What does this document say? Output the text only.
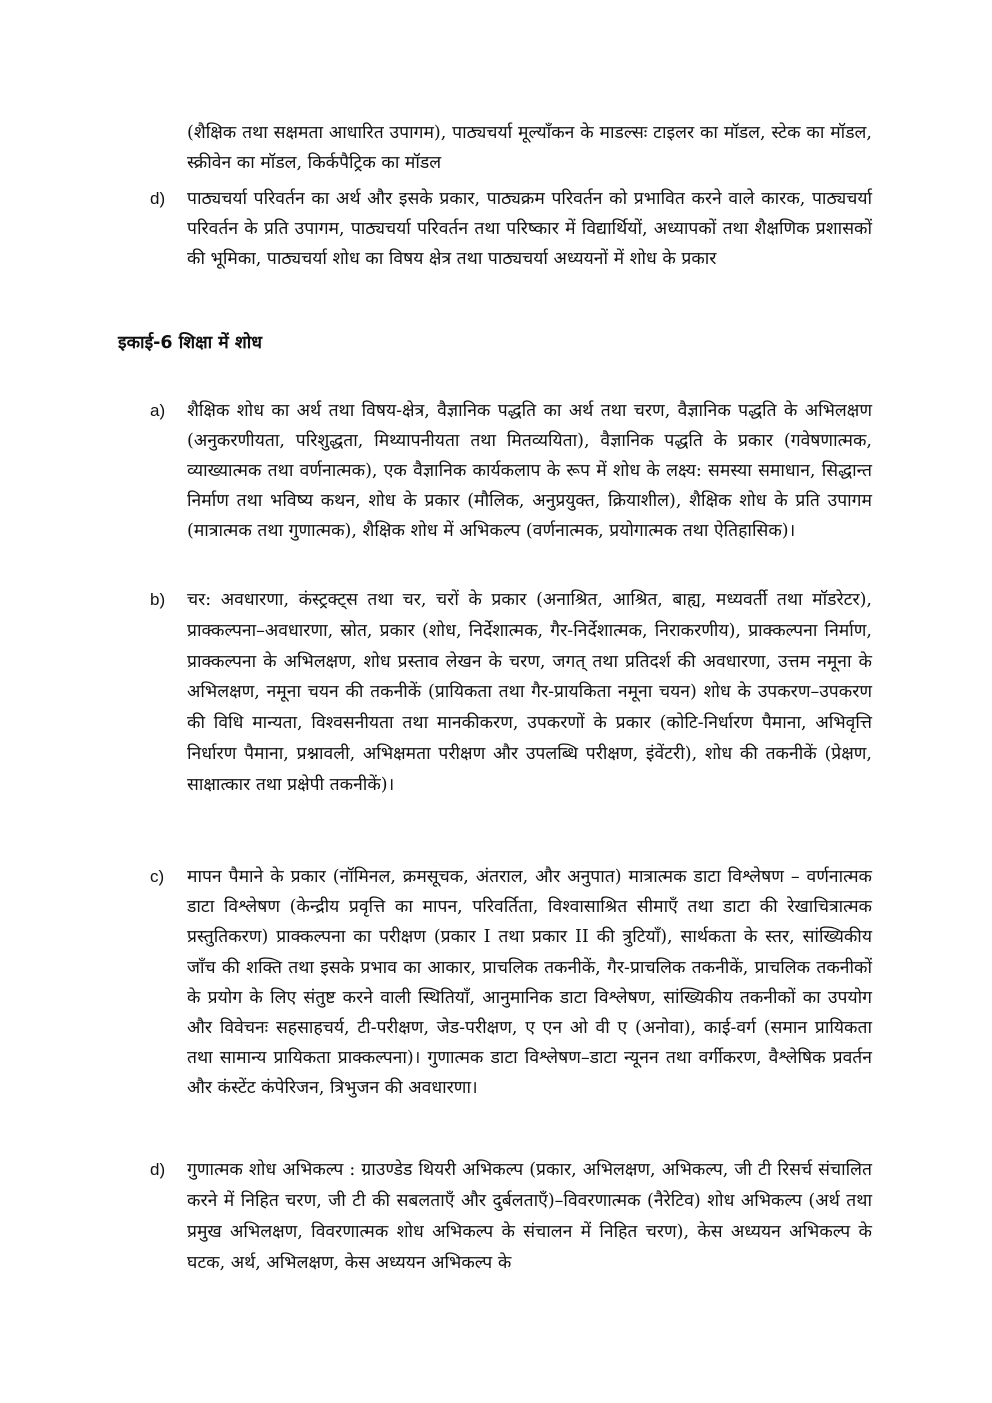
(शैक्षिक तथा सक्षमता आधारित उपागम), पाठ्यचर्या मूल्याँकन के माडल्सः टाइलर का मॉडल, स्टेक का मॉडल, स्क्रीवेन का मॉडल, किर्कपैट्रिक का मॉडल

d)	पाठ्यचर्या परिवर्तन का अर्थ और इसके प्रकार, पाठ्यक्रम परिवर्तन को प्रभावित करने वाले कारक, पाठ्यचर्या परिवर्तन के प्रति उपागम, पाठ्यचर्या परिवर्तन तथा परिष्कार में विद्यार्थियों, अध्यापकों तथा शैक्षणिक प्रशासकों की भूमिका, पाठ्यचर्या शोध का विषय क्षेत्र तथा पाठ्यचर्या अध्ययनों में शोध के प्रकार

इकाई-6 शिक्षा में शोध
a)	शैक्षिक शोध का अर्थ तथा विषय-क्षेत्र, वैज्ञानिक पद्धति का अर्थ तथा चरण, वैज्ञानिक पद्धति के अभिलक्षण (अनुकरणीयता, परिशुद्धता, मिथ्यापनीयता तथा मितव्ययिता), वैज्ञानिक पद्धति के प्रकार (गवेषणात्मक, व्याख्यात्मक तथा वर्णनात्मक), एक वैज्ञानिक कार्यकलाप के रूप में शोध के लक्ष्य: समस्या समाधान, सिद्धान्त निर्माण तथा भविष्य कथन, शोध के प्रकार (मौलिक, अनुप्रयुक्त, क्रियाशील), शैक्षिक शोध के प्रति उपागम (मात्रात्मक तथा गुणात्मक), शैक्षिक शोध में अभिकल्प (वर्णनात्मक, प्रयोगात्मक तथा ऐतिहासिक)।

b)	चर: अवधारणा, कंस्ट्रक्ट्स तथा चर, चरों के प्रकार (अनाश्रित, आश्रित, बाह्य, मध्यवर्ती तथा मॉडरेटर), प्राक्कल्पना–अवधारणा, स्रोत, प्रकार (शोध, निर्देशात्मक, गैर-निर्देशात्मक, निराकरणीय), प्राक्कल्पना निर्माण, प्राक्कल्पना के अभिलक्षण, शोध प्रस्ताव लेखन के चरण, जगत् तथा प्रतिदर्श की अवधारणा, उत्तम नमूना के अभिलक्षण, नमूना चयन की तकनीकें (प्रायिकता तथा गैर-प्रायकिता नमूना चयन) शोध के उपकरण–उपकरण की विधि मान्यता, विश्वसनीयता तथा मानकीकरण, उपकरणों के प्रकार (कोटि-निर्धारण पैमाना, अभिवृत्ति निर्धारण पैमाना, प्रश्नावली, अभिक्षमता परीक्षण और उपलब्धि परीक्षण, इंवेंटरी), शोध की तकनीकें (प्रेक्षण, साक्षात्कार तथा प्रक्षेपी तकनीकें)।

c)	मापन पैमाने के प्रकार (नॉमिनल, क्रमसूचक, अंतराल, और अनुपात) मात्रात्मक डाटा विश्लेषण – वर्णनात्मक डाटा विश्लेषण (केन्द्रीय प्रवृत्ति का मापन, परिवर्तिता, विश्वासाश्रित सीमाएँ तथा डाटा की रेखाचित्रात्मक प्रस्तुतिकरण) प्राक्कल्पना का परीक्षण (प्रकार I तथा प्रकार II की त्रुटियाँ), सार्थकता के स्तर, सांख्यिकीय जाँच की शक्ति तथा इसके प्रभाव का आकार, प्राचलिक तकनीकें, गैर-प्राचलिक तकनीकें, प्राचलिक तकनीकों के प्रयोग के लिए संतुष्ट करने वाली स्थितियाँ, आनुमानिक डाटा विश्लेषण, सांख्यिकीय तकनीकों का उपयोग और विवेचनः सहसाहचर्य, टी-परीक्षण, जेड-परीक्षण, ए एन ओ वी ए (अनोवा), काई-वर्ग (समान प्रायिकता तथा सामान्य प्रायिकता प्राक्कल्पना)। गुणात्मक डाटा विश्लेषण–डाटा न्यूनन तथा वर्गीकरण, वैश्लेषिक प्रवर्तन और कंस्टेंट कंपेरिजन, त्रिभुजन की अवधारणा।

d)	गुणात्मक शोध अभिकल्प : ग्राउण्डेड थियरी अभिकल्प (प्रकार, अभिलक्षण, अभिकल्प, जी टी रिसर्च संचालित करने में निहित चरण, जी टी की सबलताएँ और दुर्बलताएँ)–विवरणात्मक (नैरेटिव) शोध अभिकल्प (अर्थ तथा प्रमुख अभिलक्षण, विवरणात्मक शोध अभिकल्प के संचालन में निहित चरण), केस अध्ययन अभिकल्प के घटक, अर्थ, अभिलक्षण, केस अध्ययन अभिकल्प के
